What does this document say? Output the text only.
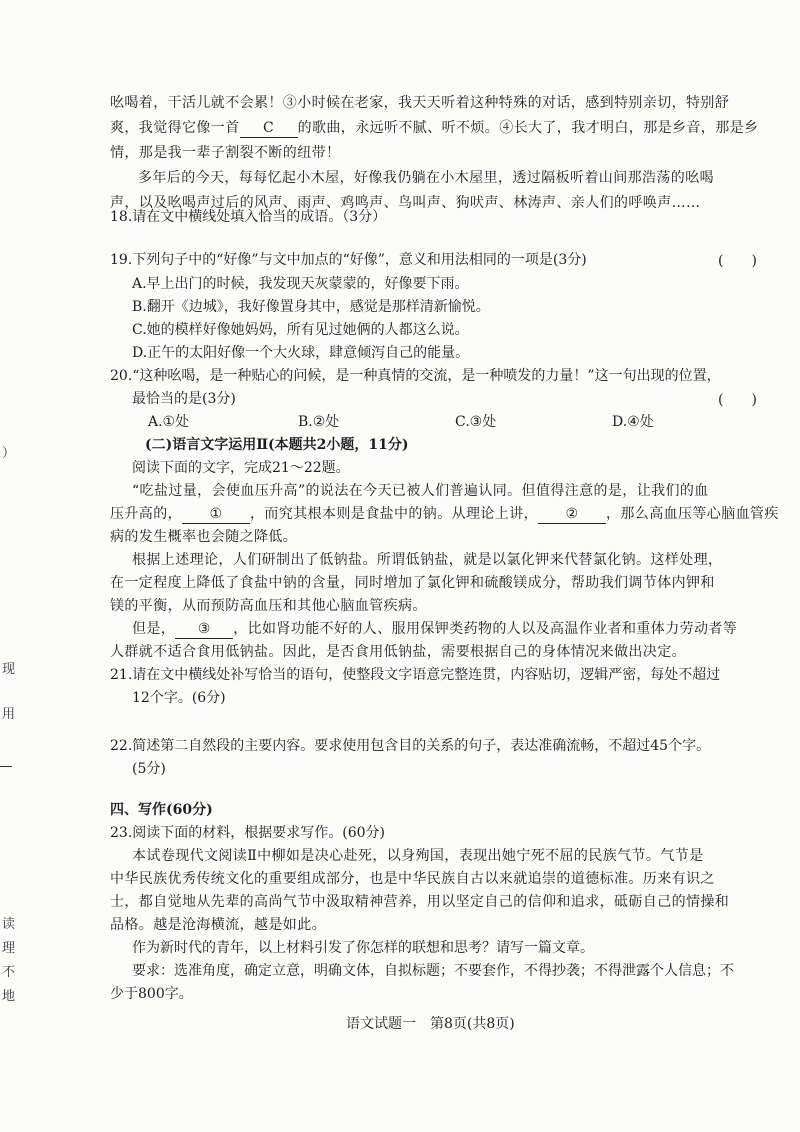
）
现
用
读
理
不
地
吆喝着，干活儿就不会累！③小时候在老家，我天天听着这种特殊的对话，感到特别亲切，特别舒
爽，我觉得它像一首 C 的歌曲，永远听不腻、听不烦。④长大了，我才明白，那是乡音，那是乡
情，那是我一辈子割裂不断的纽带！
多年后的今天，每每忆起小木屋，好像我仍躺在小木屋里，透过隔板听着山间那浩荡的吆喝
声，以及吆喝声过后的风声、雨声、鸡鸣声、鸟叫声、狗吠声、林涛声、亲人们的呼唤声……
18.请在文中横线处填入恰当的成语。（3分）
19.下列句子中的“好像”与文中加点的“好像”，意义和用法相同的一项是(3分)	(　　)
A.早上出门的时候，我发现天灰蒙蒙的，好像要下雨。
B.翻开《边城》，我好像置身其中，感觉是那样清新愉悦。
C.她的模样好像她妈妈，所有见过她俩的人都这么说。
D.正午的太阳好像一个大火球，肆意倾泻自己的能量。
20.“这种吆喝，是一种贴心的问候，是一种真情的交流，是一种喷发的力量！”这一句出现的位置，
最恰当的是(3分)	(　　)
A.①处	B.②处	C.③处	D.④处
(二)语言文字运用Ⅱ(本题共2小题，11分)
阅读下面的文字，完成21～22题。
“吃盐过量，会使血压升高”的说法在今天已被人们普遍认同。但值得注意的是，让我们的血
压升高的， ① ，而究其根本则是食盐中的钠。从理论上讲， ② ，那么高血压等心脑血管疾
病的发生概率也会随之降低。
根据上述理论，人们研制出了低钠盐。所谓低钠盐，就是以氯化钾来代替氯化钠。这样处理，
在一定程度上降低了食盐中钠的含量，同时增加了氯化钾和硫酸镁成分，帮助我们调节体内钾和
镁的平衡，从而预防高血压和其他心脑血管疾病。
但是， ③ ，比如肾功能不好的人、服用保钾类药物的人以及高温作业者和重体力劳动者等
人群就不适合食用低钠盐。因此，是否食用低钠盐，需要根据自己的身体情况来做出决定。
21.请在文中横线处补写恰当的语句，使整段文字语意完整连贯，内容贴切，逻辑严密，每处不超过
12个字。(6分)
22.简述第二自然段的主要内容。要求使用包含目的关系的句子，表达准确流畅，不超过45个字。
(5分)
四、写作(60分)
23.阅读下面的材料，根据要求写作。(60分)
本试卷现代文阅读Ⅱ中柳如是决心赴死，以身殉国，表现出她宁死不屈的民族气节。气节是
中华民族优秀传统文化的重要组成部分，也是中华民族自古以来就追崇的道德标准。历来有识之
士，都自觉地从先辈的高尚气节中汲取精神营养，用以坚定自己的信仰和追求，砥砺自己的情操和
品格。越是沧海横流，越是如此。
作为新时代的青年，以上材料引发了你怎样的联想和思考？请写一篇文章。
要求：选准角度，确定立意，明确文体，自拟标题；不要套作，不得抄袭；不得泄露个人信息；不
少于800字。
语文试题一　第8页(共8页)
